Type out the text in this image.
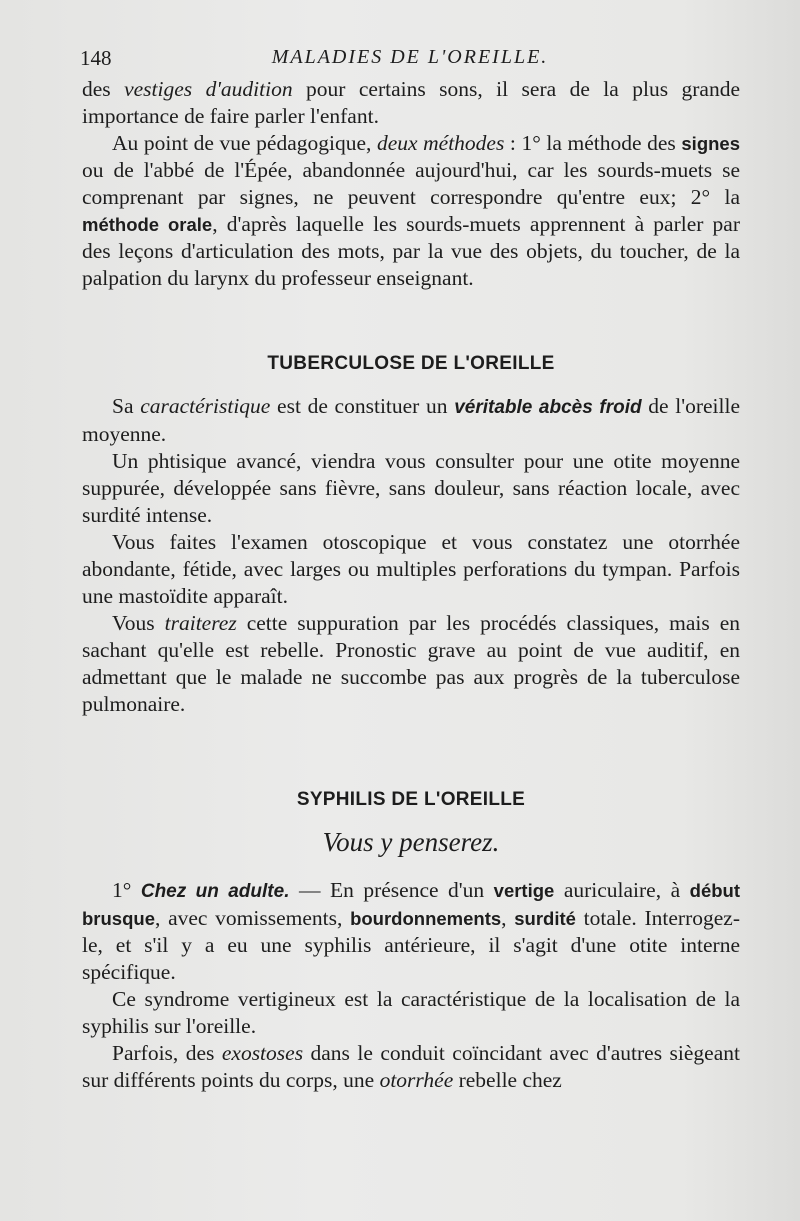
148	MALADIES DE L'OREILLE.

des vestiges d'audition pour certains sons, il sera de la plus grande importance de faire parler l'enfant.

Au point de vue pédagogique, deux méthodes : 1° la méthode des signes ou de l'abbé de l'Épée, abandonnée aujourd'hui, car les sourds-muets se comprenant par signes, ne peuvent correspondre qu'entre eux; 2° la méthode orale, d'après laquelle les sourds-muets apprennent à parler par des leçons d'articulation des mots, par la vue des objets, du toucher, de la palpation du larynx du professeur enseignant.

TUBERCULOSE DE L'OREILLE

Sa caractéristique est de constituer un véritable abcès froid de l'oreille moyenne.

Un phtisique avancé, viendra vous consulter pour une otite moyenne suppurée, développée sans fièvre, sans douleur, sans réaction locale, avec surdité intense.

Vous faites l'examen otoscopique et vous constatez une otorrhée abondante, fétide, avec larges ou multiples perforations du tympan. Parfois une mastoïdite apparaît.

Vous traiterez cette suppuration par les procédés classiques, mais en sachant qu'elle est rebelle. Pronostic grave au point de vue auditif, en admettant que le malade ne succombe pas aux progrès de la tuberculose pulmonaire.

SYPHILIS DE L'OREILLE
Vous y penserez.

1° Chez un adulte. — En présence d'un vertige auriculaire, à début brusque, avec vomissements, bourdonnements, surdité totale. Interrogez-le, et s'il y a eu une syphilis antérieure, il s'agit d'une otite interne spécifique.

Ce syndrome vertigineux est la caractéristique de la localisation de la syphilis sur l'oreille.

Parfois, des exostoses dans le conduit coïncidant avec d'autres siègeant sur différents points du corps, une otorrhée rebelle chez
